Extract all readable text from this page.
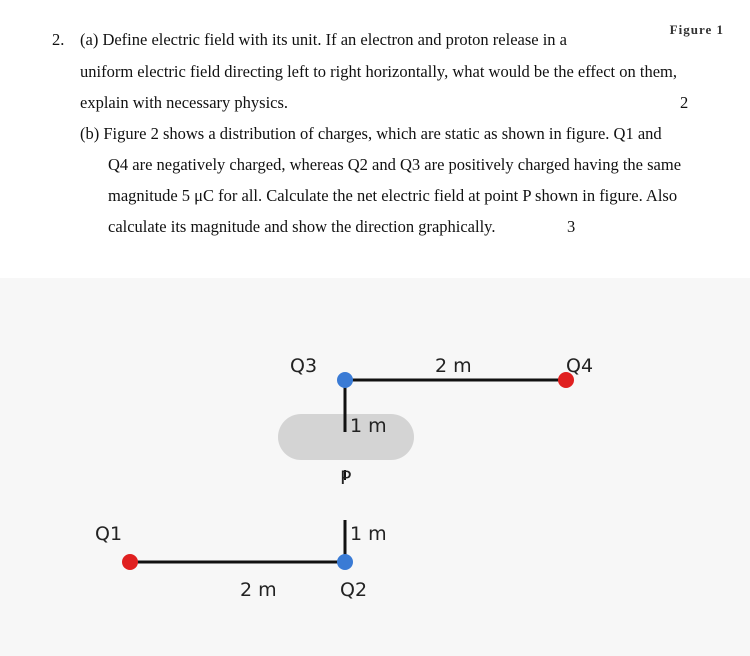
2. (a) Define electric field with its unit. If an electron and proton release in a
Figure 1
uniform electric field directing left to right horizontally, what would be the effect on them,
explain with necessary physics.	2
(b) Figure 2 shows a distribution of charges, which are static as shown in figure. Q1 and
Q4 are negatively charged, whereas Q2 and Q3 are positively charged having the same
magnitude 5 μC for all. Calculate the net electric field at point P shown in figure. Also
calculate its magnitude and show the direction graphically.	3
Q1
Q2
Q3	Q4
P
2 m
2 m
1 m
1 m
